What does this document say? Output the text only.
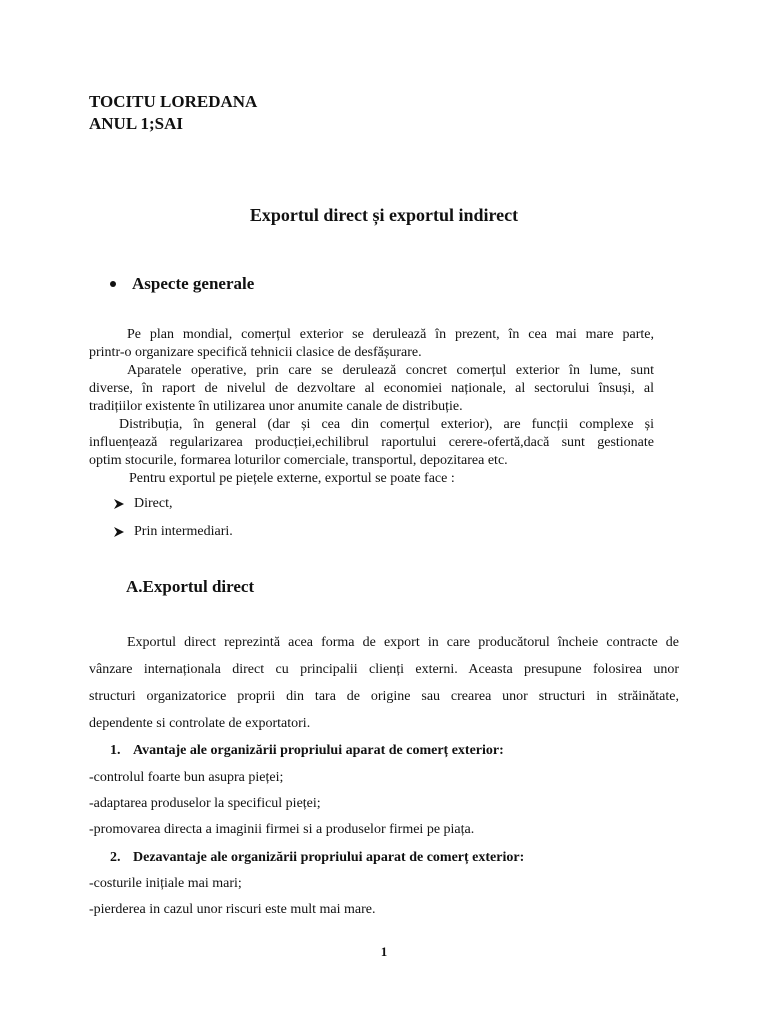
TOCITU LOREDANA
ANUL 1;SAI
Exportul direct și exportul indirect
Aspecte generale
Pe plan mondial, comerțul exterior se derulează în prezent, în cea mai mare parte,
printr-o organizare specifică tehnicii clasice de desfășurare.
Aparatele operative, prin care se derulează concret comerțul exterior în lume, sunt
diverse, în raport de nivelul de dezvoltare al economiei naționale, al sectorului însuși, al
tradițiilor existente în utilizarea unor anumite canale de distribuție.
Distribuția, în general (dar și cea din comerțul exterior), are funcții complexe și
influențează regularizarea producției,echilibrul raportului cerere-ofertă,dacă sunt gestionate
optim stocurile, formarea loturilor comerciale, transportul, depozitarea etc.
Pentru exportul pe piețele externe, exportul se poate face :
Direct,
Prin intermediari.
A.Exportul direct
Exportul direct reprezintă acea forma de export in care producătorul încheie contracte de
vânzare internaționala direct cu principalii clienți externi. Aceasta presupune folosirea unor
structuri organizatorice proprii din tara de origine sau crearea unor structuri in străinătate,
dependente si controlate de exportatori.
1. Avantaje ale organizării propriului aparat de comerț exterior:
-controlul foarte bun asupra pieței;
-adaptarea produselor la specificul pieței;
-promovarea directa a imaginii firmei si a produselor firmei pe piața.
2. Dezavantaje ale organizării propriului aparat de comerț exterior:
-costurile inițiale mai mari;
-pierderea in cazul unor riscuri este mult mai mare.
1
